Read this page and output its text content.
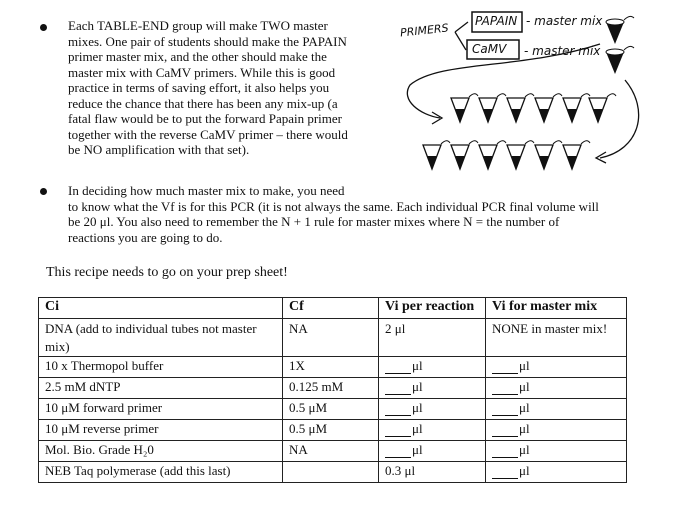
Each TABLE-END group will make TWO master
mixes. One pair of students should make the PAPAIN
primer master mix, and the other should make the
master mix with CaMV primers. While this is good
practice in terms of saving effort, it also helps you
reduce the chance that there has been any mix-up (a
fatal flaw would be to put the forward Papain primer
together with the reverse CaMV primer – there would
be NO amplification with that set).
PRIMERS
PAPAIN
CaMV
- master mix
- master mix
In deciding how much master mix to make, you need
to know what the Vf is for this PCR (it is not always the same. Each individual PCR final volume will
be 20 μl. You also need to remember the N + 1 rule for master mixes where N = the number of
reactions you are going to do.

This recipe needs to go on your prep sheet!

Ci	Cf	Vi per reaction	Vi for master mix
DNA (add to individual tubes not master mix)	NA	2 μl	NONE in master mix!
10 x Thermopol buffer	1X	μl	μl
2.5 mM dNTP	0.125 mM	μl	μl
10 μM forward primer	0.5 μM	μl	μl
10 μM reverse primer	0.5 μM	μl	μl
Mol. Bio. Grade H₂0	NA	μl	μl
NEB Taq polymerase (add this last)		0.3 μl	μl
